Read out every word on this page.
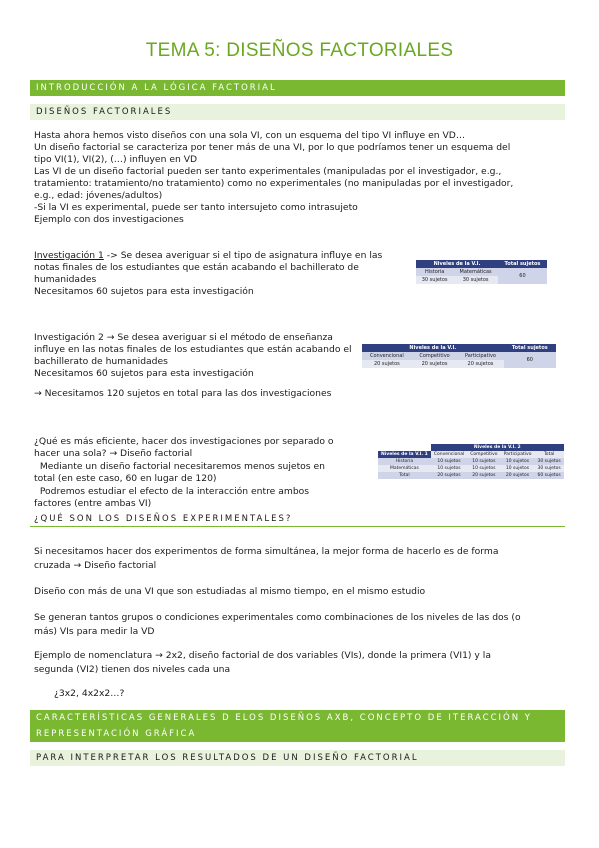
TEMA 5: DISEÑOS FACTORIALES
INTRODUCCIÓN A LA LÓGICA FACTORIAL
DISEÑOS FACTORIALES
Hasta ahora hemos visto diseños con una sola VI, con un esquema del tipo VI influye en VD…
Un diseño factorial se caracteriza por tener más de una VI, por lo que podríamos tener un esquema del
tipo VI(1), VI(2), (…) influyen en VD
Las VI de un diseño factorial pueden ser tanto experimentales (manipuladas por el investigador, e.g.,
tratamiento: tratamiento/no tratamiento) como no experimentales (no manipuladas por el investigador,
e.g., edad: jóvenes/adultos)
-Si la VI es experimental, puede ser tanto intersujeto como intrasujeto
Ejemplo con dos investigaciones
Investigación 1 -> Se desea averiguar si el tipo de asignatura influye en las
notas finales de los estudiantes que están acabando el bachillerato de
humanidades
Necesitamos 60 sujetos para esta investigación
Niveles de la V.I.		Total sujetos
Historia	Matemáticas	60
30 sujetos	30 sujetos	
Investigación 2 → Se desea averiguar si el método de enseñanza
influye en las notas finales de los estudiantes que están acabando el
bachillerato de humanidades
Necesitamos 60 sujetos para esta investigación
→ Necesitamos 120 sujetos en total para las dos investigaciones
Niveles de la V.I.			Total sujetos
Convencional	Competitivo	Participativo	60
20 sujetos	20 sujetos	20 sujetos	
¿Qué es más eficiente, hacer dos investigaciones por separado o
hacer una sola? → Diseño factorial
Mediante un diseño factorial necesitaremos menos sujetos en
total (en este caso, 60 en lugar de 120)
Podremos estudiar el efecto de la interacción entre ambos
factores (entre ambas VI)
	Niveles de la V.I. 2			
Niveles de la V.I. 1	Convencional	Competitivo	Participativo	Total
Historia	10 sujetos	10 sujetos	10 sujetos	30 sujetos
Matemáticas	10 sujetos	10 sujetos	10 sujetos	30 sujetos
Total	20 sujetos	20 sujetos	20 sujetos	60 sujetos
¿QUÉ SON LOS DISEÑOS EXPERIMENTALES?
Si necesitamos hacer dos experimentos de forma simultánea, la mejor forma de hacerlo es de forma
cruzada → Diseño factorial
Diseño con más de una VI que son estudiadas al mismo tiempo, en el mismo estudio
Se generan tantos grupos o condiciones experimentales como combinaciones de los niveles de las dos (o
más) VIs para medir la VD
Ejemplo de nomenclatura → 2x2, diseño factorial de dos variables (VIs), donde la primera (VI1) y la
segunda (VI2) tienen dos niveles cada una
¿3x2, 4x2x2…?
CARACTERÍSTICAS GENERALES D ELOS DISEÑOS AXB, CONCEPTO DE ITERACCIÓN Y
REPRESENTACIÓN GRÁFICA
PARA INTERPRETAR LOS RESULTADOS DE UN DISEÑO FACTORIAL
